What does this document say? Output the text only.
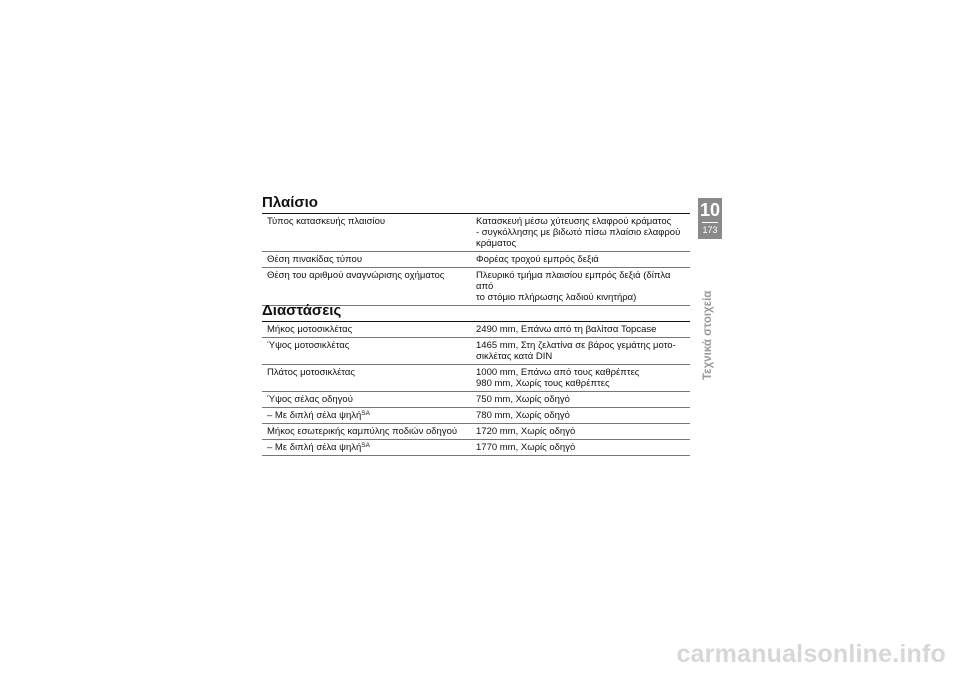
Πλαίσιο
Τύπος κατασκευής πλαισίου	Κατασκευή μέσω χύτευσης ελαφρού κράματος
- συγκόλλησης με βιδωτό πίσω πλαίσιο ελαφρού
κράματος
Θέση πινακίδας τύπου	Φορέας τροχού εμπρός δεξιά
Θέση του αριθμού αναγνώρισης οχήματος	Πλευρικό τμήμα πλαισίου εμπρός δεξιά (δίπλα από
το στόμιο πλήρωσης λαδιού κινητήρα)
Διαστάσεις
Μήκος μοτοσικλέτας	2490 mm, Επάνω από τη βαλίτσα Topcase
Ύψος μοτοσικλέτας	1465 mm, Στη ζελατίνα σε βάρος γεμάτης μοτο-
σικλέτας κατά DIN
Πλάτος μοτοσικλέτας	1000 mm, Επάνω από τους καθρέπτες
980 mm, Χωρίς τους καθρέπτες
Ύψος σέλας οδηγού	750 mm, Χωρίς οδηγό
– Με διπλή σέλα ψηλή$^{SA}$	780 mm, Χωρίς οδηγό
Μήκος εσωτερικής καμπύλης ποδιών οδηγού	1720 mm, Χωρίς οδηγό
– Με διπλή σέλα ψηλή$^{SA}$	1770 mm, Χωρίς οδηγό
10
173
Τεχνικά στοιχεία
carmanualsonline.info
